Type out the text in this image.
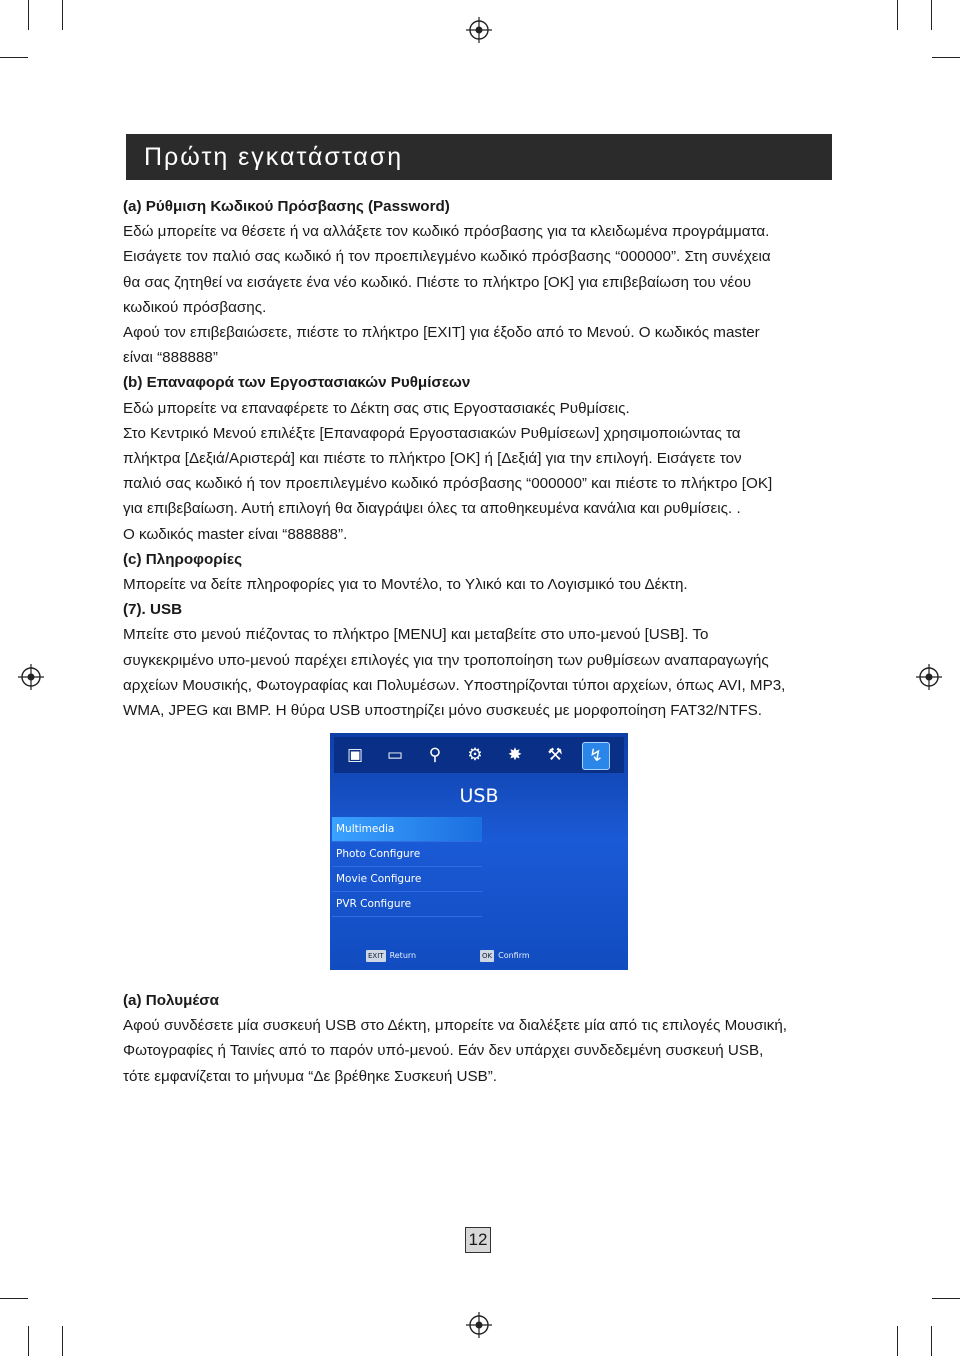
Πρώτη εγκατάσταση

(a) Ρύθμιση Κωδικού Πρόσβασης (Password)

Εδώ μπορείτε να θέσετε ή να αλλάξετε τον κωδικό πρόσβασης για τα κλειδωμένα προγράμματα.

Εισάγετε τον παλιό σας κωδικό ή τον προεπιλεγμένο κωδικό πρόσβασης “000000”. Στη συνέχεια

θα σας ζητηθεί να εισάγετε ένα νέο κωδικό. Πιέστε το πλήκτρο [OK] για επιβεβαίωση του νέου

κωδικού πρόσβασης.

Αφού τον επιβεβαιώσετε, πιέστε το πλήκτρο [EXIT] για έξοδο από το Μενού. Ο κωδικός master

είναι “888888”

(b) Επαναφορά των Εργοστασιακών Ρυθμίσεων

Εδώ μπορείτε να επαναφέρετε το Δέκτη σας στις Εργοστασιακές Ρυθμίσεις.

Στο Κεντρικό Μενού επιλέξτε [Επαναφορά Εργοστασιακών Ρυθμίσεων] χρησιμοποιώντας τα

πλήκτρα [Δεξιά/Αριστερά] και πιέστε το πλήκτρο [OK] ή [Δεξιά] για την επιλογή. Εισάγετε τον

παλιό σας κωδικό ή τον προεπιλεγμένο κωδικό πρόσβασης “000000” και πιέστε το πλήκτρο [OK]

για επιβεβαίωση. Αυτή επιλογή θα διαγράψει όλες τα αποθηκευμένα κανάλια και ρυθμίσεις. .

Ο κωδικός master είναι “888888”.

(c) Πληροφορίες

Μπορείτε να δείτε πληροφορίες για το Μοντέλο, το Υλικό και το Λογισμικό του Δέκτη.

(7). USB

Μπείτε στο μενού πιέζοντας το πλήκτρο [MENU] και μεταβείτε στο υπο-μενού [USB]. Το

συγκεκριμένο υπο-μενού παρέχει επιλογές για την τροποποίηση των ρυθμίσεων αναπαραγωγής

αρχείων Μουσικής, Φωτογραφίας και Πολυμέσων. Υποστηρίζονται τύποι αρχείων, όπως AVI, MP3,

WMA, JPEG και BMP. Η θύρα USB υποστηρίζει μόνο συσκευές με μορφοποίηση FAT32/NTFS.

▣ ▭	⚲	⚙	✸	⚒	↯
USB
Multimedia
Photo Configure
Movie Configure
PVR Configure
EXIT Return	OK Confirm

(a) Πολυμέσα

Αφού συνδέσετε μία συσκευή USB στο Δέκτη, μπορείτε να διαλέξετε μία από τις επιλογές Μουσική,

Φωτογραφίες ή Ταινίες από το παρόν υπό-μενού. Εάν δεν υπάρχει συνδεδεμένη συσκευή USB,

τότε εμφανίζεται το μήνυμα “Δε βρέθηκε Συσκευή USB”.

12
